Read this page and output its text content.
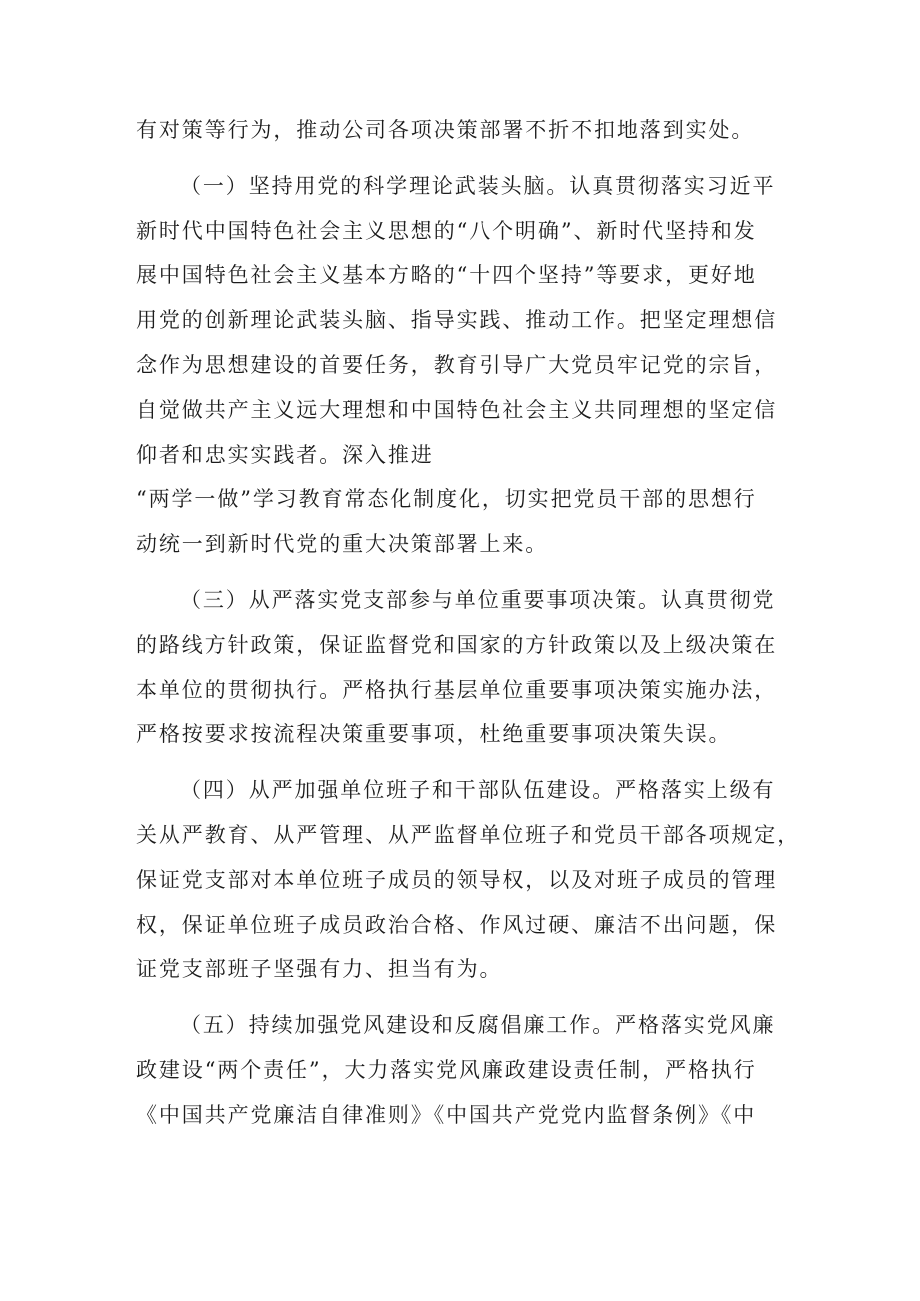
有对策等行为，推动公司各项决策部署不折不扣地落到实处。
（一）坚持用党的科学理论武装头脑。认真贯彻落实习近平
新时代中国特色社会主义思想的“八个明确”、新时代坚持和发
展中国特色社会主义基本方略的“十四个坚持”等要求，更好地
用党的创新理论武装头脑、指导实践、推动工作。把坚定理想信
念作为思想建设的首要任务，教育引导广大党员牢记党的宗旨，
自觉做共产主义远大理想和中国特色社会主义共同理想的坚定信
仰者和忠实实践者。深入推进
“两学一做”学习教育常态化制度化，切实把党员干部的思想行
动统一到新时代党的重大决策部署上来。
（三）从严落实党支部参与单位重要事项决策。认真贯彻党
的路线方针政策，保证监督党和国家的方针政策以及上级决策在
本单位的贯彻执行。严格执行基层单位重要事项决策实施办法，
严格按要求按流程决策重要事项，杜绝重要事项决策失误。
（四）从严加强单位班子和干部队伍建设。严格落实上级有
关从严教育、从严管理、从严监督单位班子和党员干部各项规定，
保证党支部对本单位班子成员的领导权，以及对班子成员的管理
权，保证单位班子成员政治合格、作风过硬、廉洁不出问题，保
证党支部班子坚强有力、担当有为。
（五）持续加强党风建设和反腐倡廉工作。严格落实党风廉
政建设“两个责任”，大力落实党风廉政建设责任制，严格执行
《中国共产党廉洁自律准则》《中国共产党党内监督条例》《中
